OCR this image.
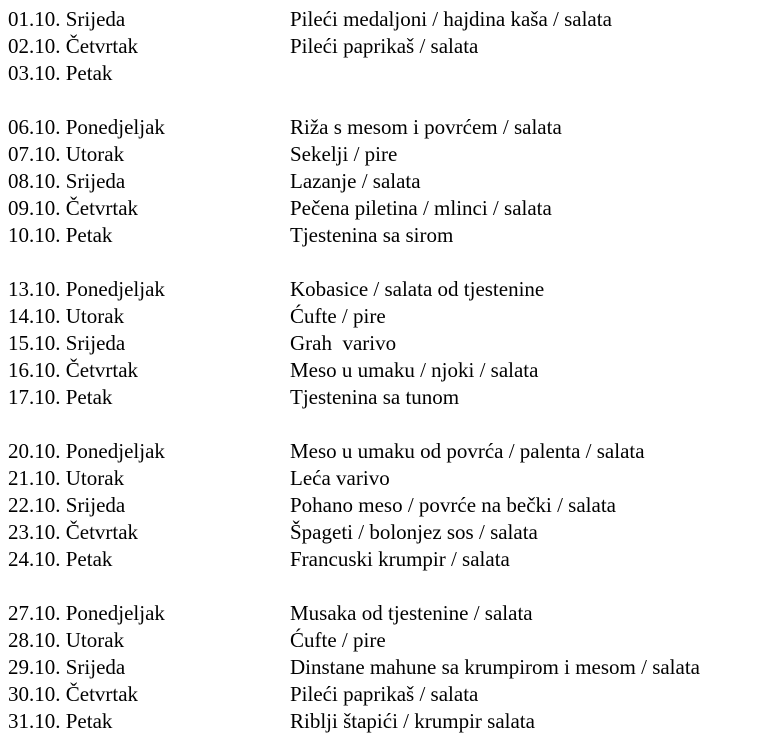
01.10. Srijeda	Pileći medaljoni / hajdina kaša / salata
02.10. Četvrtak	Pileći paprikaš / salata
03.10. Petak
06.10. Ponedjeljak	Riža s mesom i povrćem / salata
07.10. Utorak	Sekelji / pire
08.10. Srijeda	Lazanje / salata
09.10. Četvrtak	Pečena piletina / mlinci / salata
10.10. Petak	Tjestenina sa sirom
13.10. Ponedjeljak	Kobasice / salata od tjestenine
14.10. Utorak	Ćufte / pire
15.10. Srijeda	Grah  varivo
16.10. Četvrtak	Meso u umaku / njoki / salata
17.10. Petak	Tjestenina sa tunom
20.10. Ponedjeljak	Meso u umaku od povrća / palenta / salata
21.10. Utorak	Leća varivo
22.10. Srijeda	Pohano meso / povrće na bečki / salata
23.10. Četvrtak	Špageti / bolonjez sos / salata
24.10. Petak	Francuski krumpir / salata
27.10. Ponedjeljak	Musaka od tjestenine / salata
28.10. Utorak	Ćufte / pire
29.10. Srijeda	Dinstane mahune sa krumpirom i mesom / salata
30.10. Četvrtak	Pileći paprikaš / salata
31.10. Petak	Riblji štapići / krumpir salata
